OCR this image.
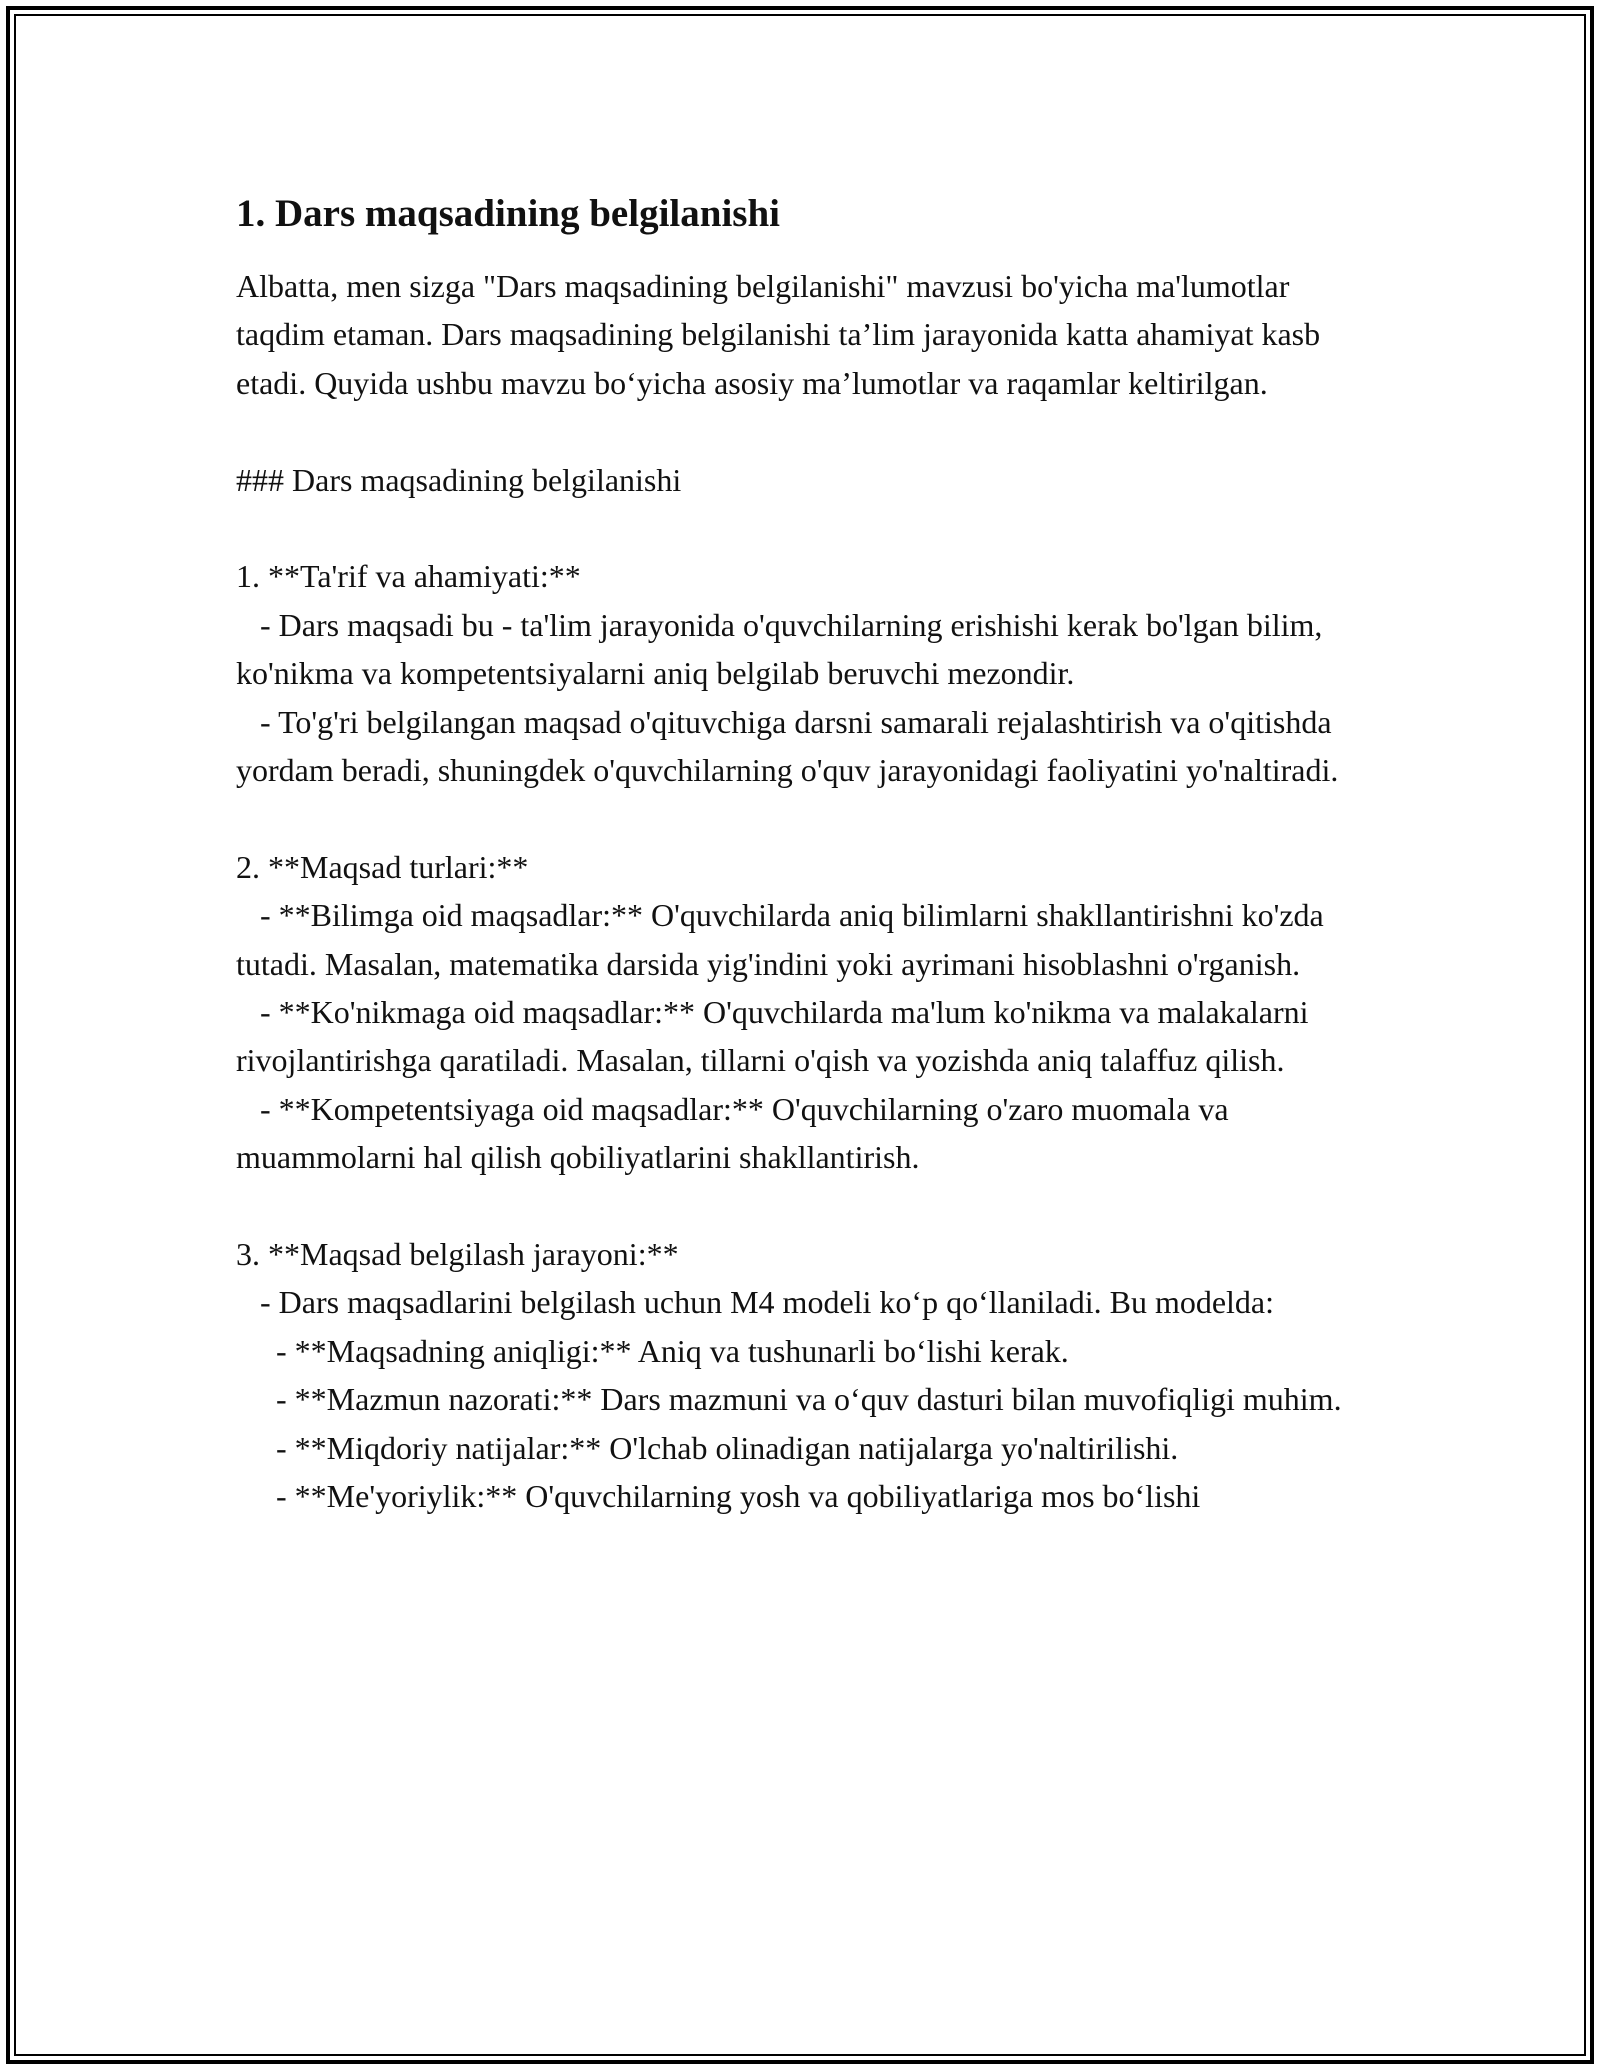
1. Dars maqsadining belgilanishi

Albatta, men sizga "Dars maqsadining belgilanishi" mavzusi bo'yicha ma'lumotlar taqdim etaman. Dars maqsadining belgilanishi ta’lim jarayonida katta ahamiyat kasb etadi. Quyida ushbu mavzu bo‘yicha asosiy ma’lumotlar va raqamlar keltirilgan.

### Dars maqsadining belgilanishi

1. **Ta'rif va ahamiyati:**

- Dars maqsadi bu - ta'lim jarayonida o'quvchilarning erishishi kerak bo'lgan bilim, ko'nikma va kompetentsiyalarni aniq belgilab beruvchi mezondir.

- To'g'ri belgilangan maqsad o'qituvchiga darsni samarali rejalashtirish va o'qitishda yordam beradi, shuningdek o'quvchilarning o'quv jarayonidagi faoliyatini yo'naltiradi.

2. **Maqsad turlari:**

- **Bilimga oid maqsadlar:** O'quvchilarda aniq bilimlarni shakllantirishni ko'zda tutadi. Masalan, matematika darsida yig'indini yoki ayrimani hisoblashni o'rganish.

- **Ko'nikmaga oid maqsadlar:** O'quvchilarda ma'lum ko'nikma va malakalarni rivojlantirishga qaratiladi. Masalan, tillarni o'qish va yozishda aniq talaffuz qilish.

- **Kompetentsiyaga oid maqsadlar:** O'quvchilarning o'zaro muomala va muammolarni hal qilish qobiliyatlarini shakllantirish.

3. **Maqsad belgilash jarayoni:**

- Dars maqsadlarini belgilash uchun M4 modeli ko‘p qo‘llaniladi. Bu modelda:

- **Maqsadning aniqligi:** Aniq va tushunarli bo‘lishi kerak.

- **Mazmun nazorati:** Dars mazmuni va o‘quv dasturi bilan muvofiqligi muhim.

- **Miqdoriy natijalar:** O'lchab olinadigan natijalarga yo'naltirilishi.

- **Me'yoriylik:** O'quvchilarning yosh va qobiliyatlariga mos bo‘lishi
